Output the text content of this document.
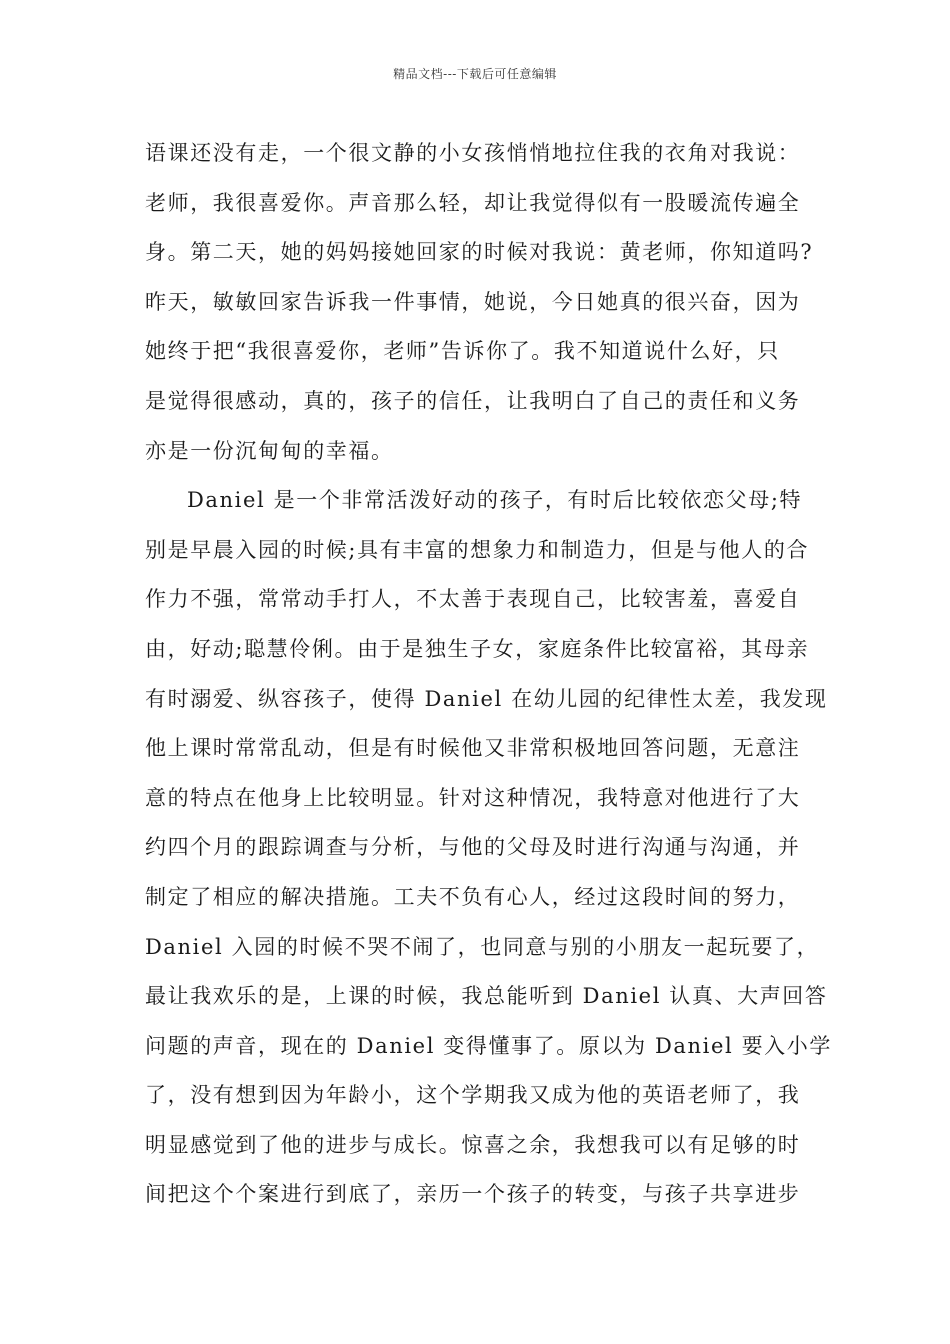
精品文档---下载后可任意编辑
语课还没有走，一个很文静的小女孩悄悄地拉住我的衣角对我说：
老师，我很喜爱你。声音那么轻，却让我觉得似有一股暖流传遍全
身。第二天，她的妈妈接她回家的时候对我说：黄老师，你知道吗?
昨天，敏敏回家告诉我一件事情，她说，今日她真的很兴奋，因为
她终于把“我很喜爱你，老师”告诉你了。我不知道说什么好，只
是觉得很感动，真的，孩子的信任，让我明白了自己的责任和义务
亦是一份沉甸甸的幸福。
Daniel 是一个非常活泼好动的孩子，有时后比较依恋父母;特
别是早晨入园的时候;具有丰富的想象力和制造力，但是与他人的合
作力不强，常常动手打人，不太善于表现自己，比较害羞，喜爱自
由，好动;聪慧伶俐。由于是独生子女，家庭条件比较富裕，其母亲
有时溺爱、纵容孩子，使得 Daniel 在幼儿园的纪律性太差，我发现
他上课时常常乱动，但是有时候他又非常积极地回答问题，无意注
意的特点在他身上比较明显。针对这种情况，我特意对他进行了大
约四个月的跟踪调查与分析，与他的父母及时进行沟通与沟通，并
制定了相应的解决措施。工夫不负有心人，经过这段时间的努力，
Daniel 入园的时候不哭不闹了，也同意与别的小朋友一起玩要了，
最让我欢乐的是，上课的时候，我总能听到 Daniel 认真、大声回答
问题的声音，现在的 Daniel 变得懂事了。原以为 Daniel 要入小学
了，没有想到因为年龄小，这个学期我又成为他的英语老师了，我
明显感觉到了他的进步与成长。惊喜之余，我想我可以有足够的时
间把这个个案进行到底了，亲历一个孩子的转变，与孩子共享进步
